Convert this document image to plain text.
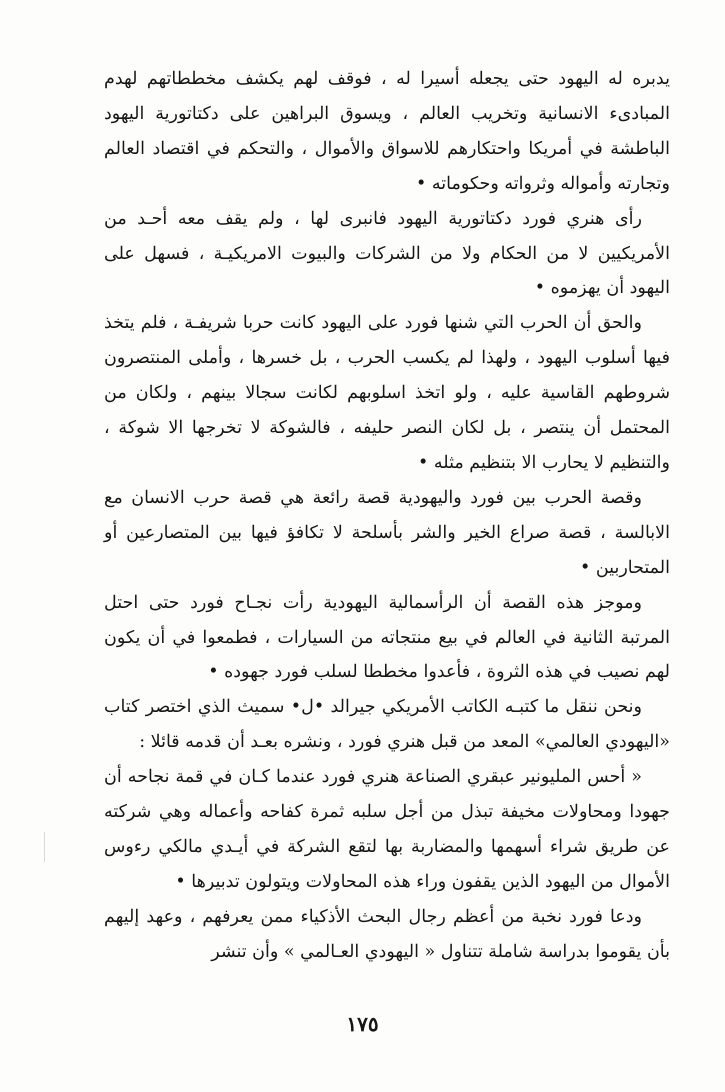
يدبره له اليهود حتى يجعله أسيرا له ، فوقف لهم يكشف مخططاتهم لهدم المبادىء الانسانية وتخريب العالم ، ويسوق البراهين على دكتاتورية اليهود الباطشة في أمريكا واحتكارهم للاسواق والأموال ، والتحكم في اقتصاد العالم وتجارته وأمواله وثرواته وحكوماته •

رأى هنري فورد دكتاتورية اليهود فانبرى لها ، ولم يقف معه أحـد من الأمريكيين لا من الحكام ولا من الشركات والبيوت الامريكيـة ، فسهل على اليهود أن يهزموه •

والحق أن الحرب التي شنها فورد على اليهود كانت حربا شريفـة ، فلم يتخذ فيها أسلوب اليهود ، ولهذا لم يكسب الحرب ، بل خسرها ، وأملى المنتصرون شروطهم القاسية عليه ، ولو اتخذ اسلوبهم لكانت سجالا بينهم ، ولكان من المحتمل أن ينتصر ، بل لكان النصر حليفه ، فالشوكة لا تخرجها الا شوكة ، والتنظيم لا يحارب الا بتنظيم مثله •

وقصة الحرب بين فورد واليهودية قصة رائعة هي قصة حرب الانسان مع الابالسة ، قصة صراع الخير والشر بأسلحة لا تكافؤ فيها بين المتصارعين أو المتحاربين •

وموجز هذه القصة أن الرأسمالية اليهودية رأت نجـاح فورد حتى احتل المرتبة الثانية في العالم في بيع منتجاته من السيارات ، فطمعوا في أن يكون لهم نصيب في هذه الثروة ، فأعدوا مخططا لسلب فورد جهوده •

ونحن ننقل ما كتبـه الكاتب الأمريكي جيرالد •ل• سميث الذي اختصر كتاب «اليهودي العالمي» المعد من قبل هنري فورد ، ونشره بعـد أن قدمه قائلا :

« أحس المليونير عبقري الصناعة هنري فورد عندما كـان في قمة نجاحه أن جهودا ومحاولات مخيفة تبذل من أجل سلبه ثمرة كفاحه وأعماله وهي شركته عن طريق شراء أسهمها والمضاربة بها لتقع الشركة في أيـدي مالكي رءوس الأموال من اليهود الذين يقفون وراء هذه المحاولات ويتولون تدبيرها •

ودعا فورد نخبة من أعظم رجال البحث الأذكياء ممن يعرفهم ، وعهد إليهم بأن يقوموا بدراسة شاملة تتناول « اليهودي العـالمي » وأن تنشر

١٧٥
